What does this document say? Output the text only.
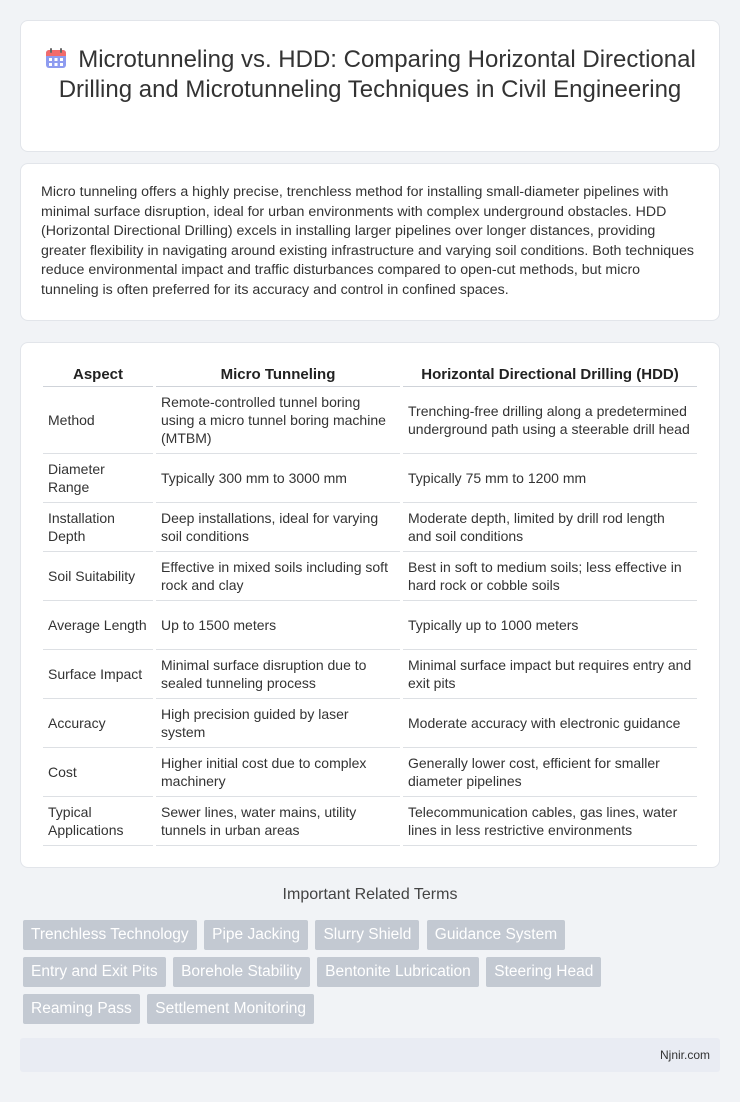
Microtunneling vs. HDD: Comparing Horizontal Directional Drilling and Microtunneling Techniques in Civil Engineering

Micro tunneling offers a highly precise, trenchless method for installing small-diameter pipelines with minimal surface disruption, ideal for urban environments with complex underground obstacles. HDD (Horizontal Directional Drilling) excels in installing larger pipelines over longer distances, providing greater flexibility in navigating around existing infrastructure and varying soil conditions. Both techniques reduce environmental impact and traffic disturbances compared to open-cut methods, but micro tunneling is often preferred for its accuracy and control in confined spaces.

Aspect	Micro Tunneling	Horizontal Directional Drilling (HDD)
Method	Remote-controlled tunnel boring using a micro tunnel boring machine (MTBM)	Trenching-free drilling along a predetermined underground path using a steerable drill head
Diameter Range	Typically 300 mm to 3000 mm	Typically 75 mm to 1200 mm
Installation Depth	Deep installations, ideal for varying soil conditions	Moderate depth, limited by drill rod length and soil conditions
Soil Suitability	Effective in mixed soils including soft rock and clay	Best in soft to medium soils; less effective in hard rock or cobble soils
Average Length	Up to 1500 meters	Typically up to 1000 meters
Surface Impact	Minimal surface disruption due to sealed tunneling process	Minimal surface impact but requires entry and exit pits
Accuracy	High precision guided by laser system	Moderate accuracy with electronic guidance
Cost	Higher initial cost due to complex machinery	Generally lower cost, efficient for smaller diameter pipelines
Typical Applications	Sewer lines, water mains, utility tunnels in urban areas	Telecommunication cables, gas lines, water lines in less restrictive environments
Important Related Terms
Trenchless Technology Pipe Jacking Slurry Shield Guidance System
Entry and Exit Pits Borehole Stability Bentonite Lubrication Steering Head
Reaming Pass Settlement Monitoring
Njnir.com
